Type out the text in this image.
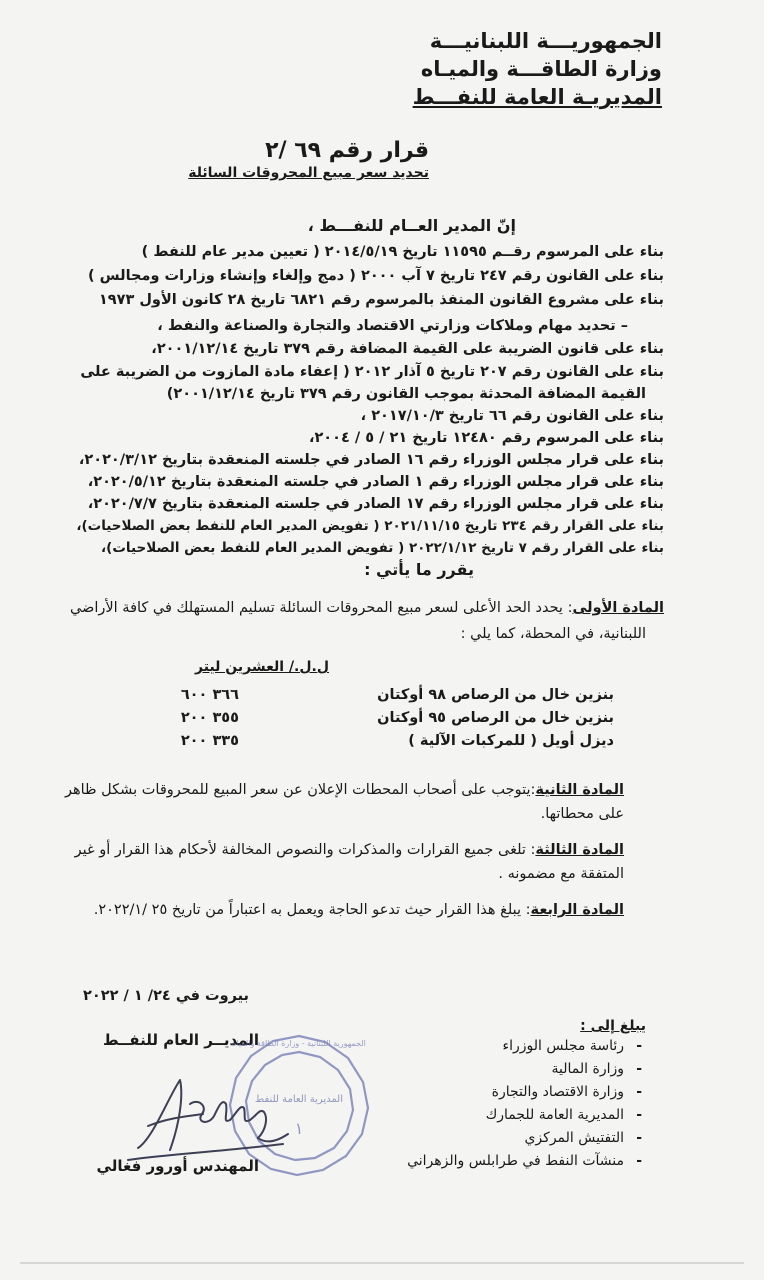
الجمهوريـــة اللبنانيـــة
وزارة الطاقـــة والميـاه
المديريـة العامة للنفـــط
قرار رقم ٦٩ /٢
تحديد سعر مبيع المحروقات السائلة
إنّ المدير العــام للنفـــط ،
بناء على المرسوم رقــم ١١٥٩٥ تاريخ ٢٠١٤/٥/١٩ ( تعيين مدير عام للنفط )
بناء على القانون رقم ٢٤٧ تاريخ ٧ آب ٢٠٠٠ ( دمج وإلغاء وإنشاء وزارات ومجالس )
بناء على مشروع القانون المنفذ بالمرسوم رقم ٦٨٢١ تاريخ ٢٨ كانون الأول ١٩٧٣
– تحديد مهام وملاكات وزارتي الاقتصاد والتجارة والصناعة والنفط ،
بناء على قانون الضريبة على القيمة المضافة رقم ٣٧٩ تاريخ ٢٠٠١/١٢/١٤،
بناء على القانون رقم ٢٠٧ تاريخ ٥ آذار ٢٠١٢ ( إعفاء مادة المازوت من الضريبة على
القيمة المضافة المحدثة بموجب القانون رقم ٣٧٩ تاريخ ٢٠٠١/١٢/١٤)
بناء على القانون رقم ٦٦ تاريخ ٢٠١٧/١٠/٣ ،
بناء على المرسوم رقم ١٢٤٨٠ تاريخ ٢١ / ٥ / ٢٠٠٤،
بناء على قرار مجلس الوزراء رقم ١٦ الصادر في جلسته المنعقدة بتاريخ ٢٠٢٠/٣/١٢،
بناء على قرار مجلس الوزراء رقم ١ الصادر في جلسته المنعقدة بتاريخ ٢٠٢٠/٥/١٢،
بناء على قرار مجلس الوزراء رقم ١٧ الصادر في جلسته المنعقدة بتاريخ ٢٠٢٠/٧/٧،
بناء على القرار رقم ٢٣٤ تاريخ ٢٠٢١/١١/١٥ ( تفويض المدير العام للنفط بعض الصلاحيات)،
بناء على القرار رقم ٧ تاريخ ٢٠٢٢/١/١٢ ( تفويض المدير العام للنفط بعض الصلاحيات)،
يقرر ما يأتي :
المادة الأولى: يحدد الحد الأعلى لسعر مبيع المحروقات السائلة تسليم المستهلك في كافة الأراضي
اللبنانية، في المحطة، كما يلي :
ل.ل./ العشرين ليتر
بنزين خال من الرصاص ٩٨ أوكتان
٣٦٦ ٦٠٠
بنزين خال من الرصاص ٩٥ أوكتان
٣٥٥ ٢٠٠
ديزل أويل ( للمركبات الآلية )
٣٣٥ ٢٠٠
المادة الثانية:يتوجب على أصحاب المحطات الإعلان عن سعر المبيع للمحروقات بشكل ظاهر
على محطاتها.
المادة الثالثة: تلغى جميع القرارات والمذكرات والنصوص المخالفة لأحكام هذا القرار أو غير
المتفقة مع مضمونه .
المادة الرابعة: يبلغ هذا القرار حيث تدعو الحاجة ويعمل به اعتباراً من تاريخ ٢٥ /٢٠٢٢/١.
بيروت في ٢٤/ ١ / ٢٠٢٢
المديــر العام للنفــط
الجمهورية اللبنانية - وزارة الطاقة والمياه
المديرية العامة للنفط
١
المهندس أورور فغالي
يبلغ إلى :
-
رئاسة مجلس الوزراء
-
وزارة المالية
-
وزارة الاقتصاد والتجارة
-
المديرية العامة للجمارك
-
التفتيش المركزي
-
منشآت النفط في طرابلس والزهراني
